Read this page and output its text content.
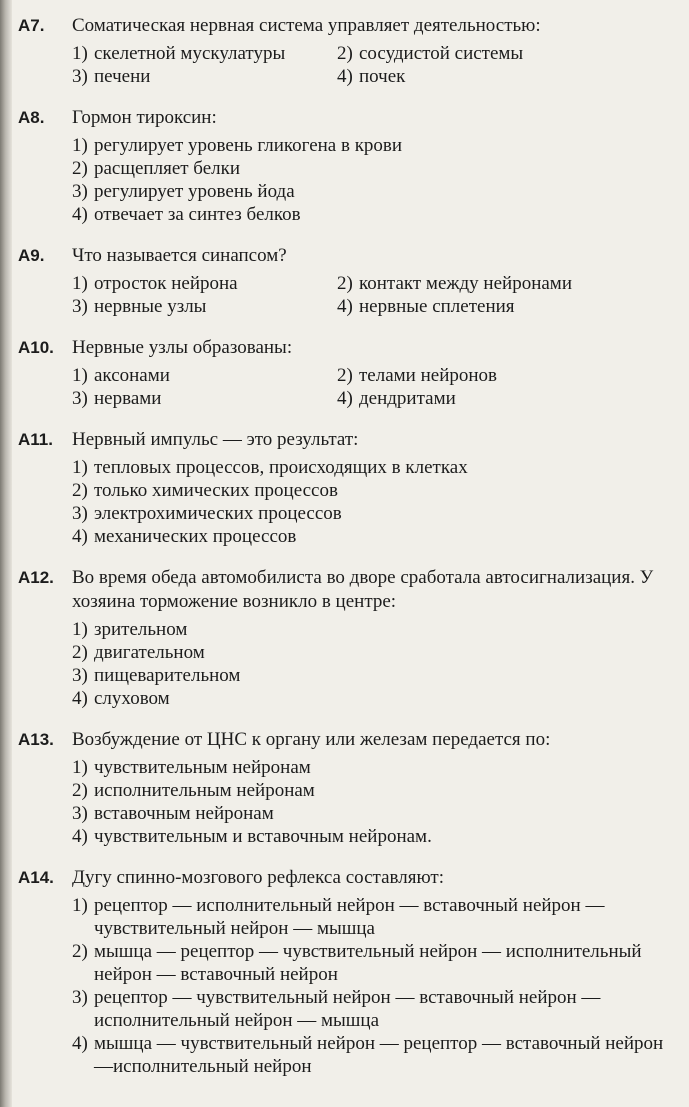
А7.	Соматическая нервная система управляет деятельностью:
1) скелетной мускулатуры	2) сосудистой системы
3) печени	4) почек
А8.	Гормон тироксин:
1) регулирует уровень гликогена в крови
2) расщепляет белки
3) регулирует уровень йода
4) отвечает за синтез белков
А9.	Что называется синапсом?
1) отросток нейрона	2) контакт между нейронами
3) нервные узлы	4) нервные сплетения
А10. Нервные узлы образованы:
1) аксонами	2) телами нейронов
3) нервами	4) дендритами
А11.	Нервный импульс — это результат:
1) тепловых процессов, происходящих в клетках
2) только химических процессов
3) электрохимических процессов
4) механических процессов
А12. Во время обеда автомобилиста во дворе сработала автосигнализация. У хозяина торможение возникло в центре:
1) зрительном
2) двигательном
3) пищеварительном
4) слуховом
А13. Возбуждение от ЦНС к органу или железам передается по:
1) чувствительным нейронам
2) исполнительным нейронам
3) вставочным нейронам
4) чувствительным и вставочным нейронам.
А14. Дугу спинно-мозгового рефлекса составляют:
1) рецептор — исполнительный нейрон — вставочный нейрон — чувствительный нейрон — мышца
2) мышца — рецептор — чувствительный нейрон — исполнительный нейрон — вставочный нейрон
3) рецептор — чувствительный нейрон — вставочный нейрон — исполнительный нейрон — мышца
4) мышца — чувствительный нейрон — рецептор — вставочный нейрон —исполнительный нейрон
